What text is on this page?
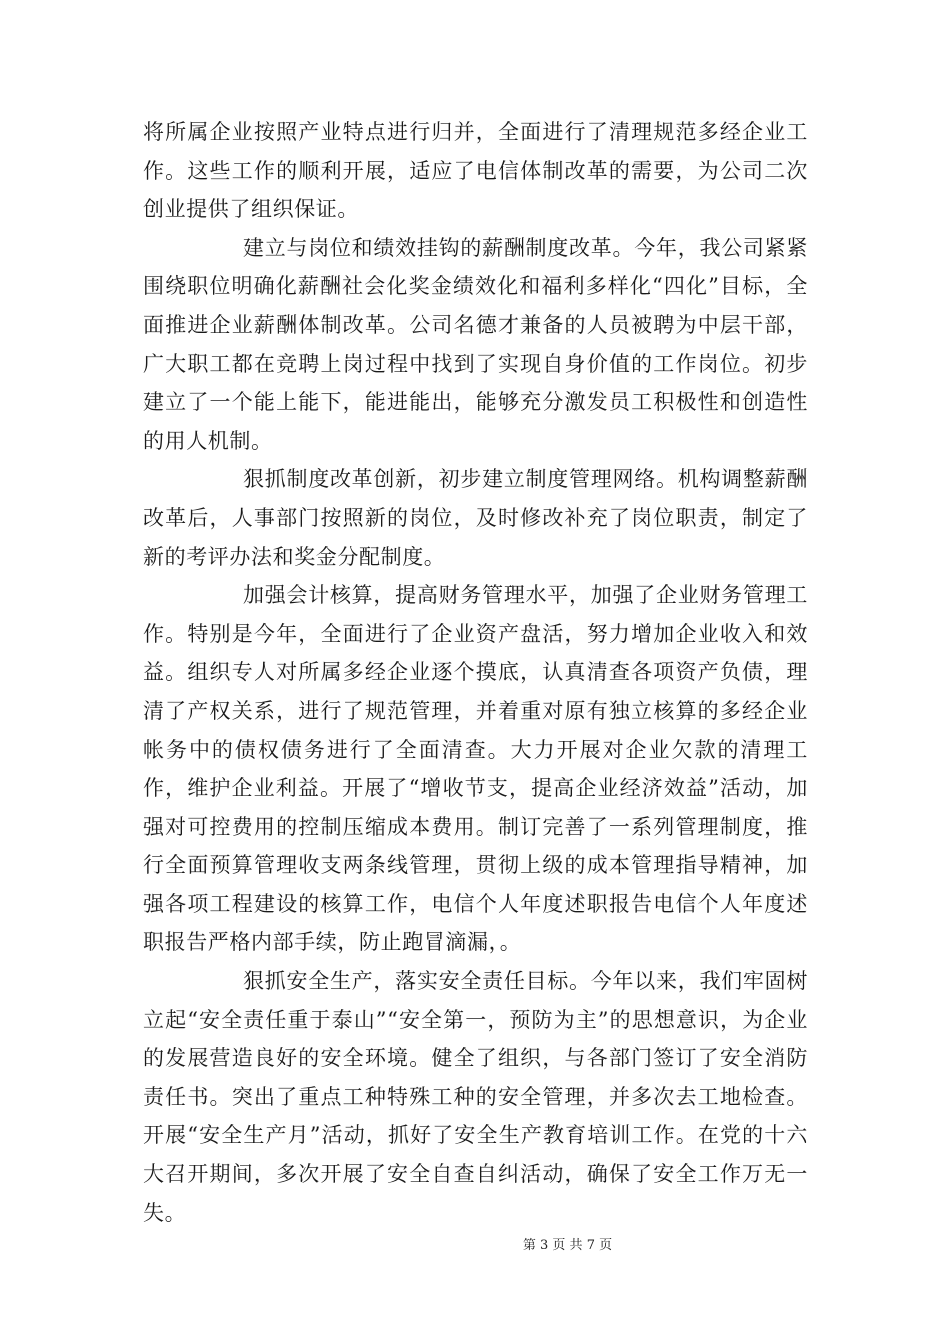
将所属企业按照产业特点进行归并，全面进行了清理规范多经企业工作。这些工作的顺利开展，适应了电信体制改革的需要，为公司二次创业提供了组织保证。

建立与岗位和绩效挂钩的薪酬制度改革。今年，我公司紧紧围绕职位明确化薪酬社会化奖金绩效化和福利多样化“四化”目标，全面推进企业薪酬体制改革。公司名德才兼备的人员被聘为中层干部，广大职工都在竞聘上岗过程中找到了实现自身价值的工作岗位。初步建立了一个能上能下，能进能出，能够充分激发员工积极性和创造性的用人机制。

狠抓制度改革创新，初步建立制度管理网络。机构调整薪酬改革后，人事部门按照新的岗位，及时修改补充了岗位职责，制定了新的考评办法和奖金分配制度。

加强会计核算，提高财务管理水平，加强了企业财务管理工作。特别是今年，全面进行了企业资产盘活，努力增加企业收入和效益。组织专人对所属多经企业逐个摸底，认真清查各项资产负债，理清了产权关系，进行了规范管理，并着重对原有独立核算的多经企业帐务中的债权债务进行了全面清查。大力开展对企业欠款的清理工作，维护企业利益。开展了“增收节支，提高企业经济效益”活动，加强对可控费用的控制压缩成本费用。制订完善了一系列管理制度，推行全面预算管理收支两条线管理，贯彻上级的成本管理指导精神，加强各项工程建设的核算工作，电信个人年度述职报告电信个人年度述职报告严格内部手续，防止跑冒滴漏，。

狠抓安全生产，落实安全责任目标。今年以来，我们牢固树立起“安全责任重于泰山”“安全第一，预防为主”的思想意识，为企业的发展营造良好的安全环境。健全了组织，与各部门签订了安全消防责任书。突出了重点工种特殊工种的安全管理，并多次去工地检查。开展“安全生产月”活动，抓好了安全生产教育培训工作。在党的十六大召开期间，多次开展了安全自查自纠活动，确保了安全工作万无一失。

第 3 页 共 7 页
